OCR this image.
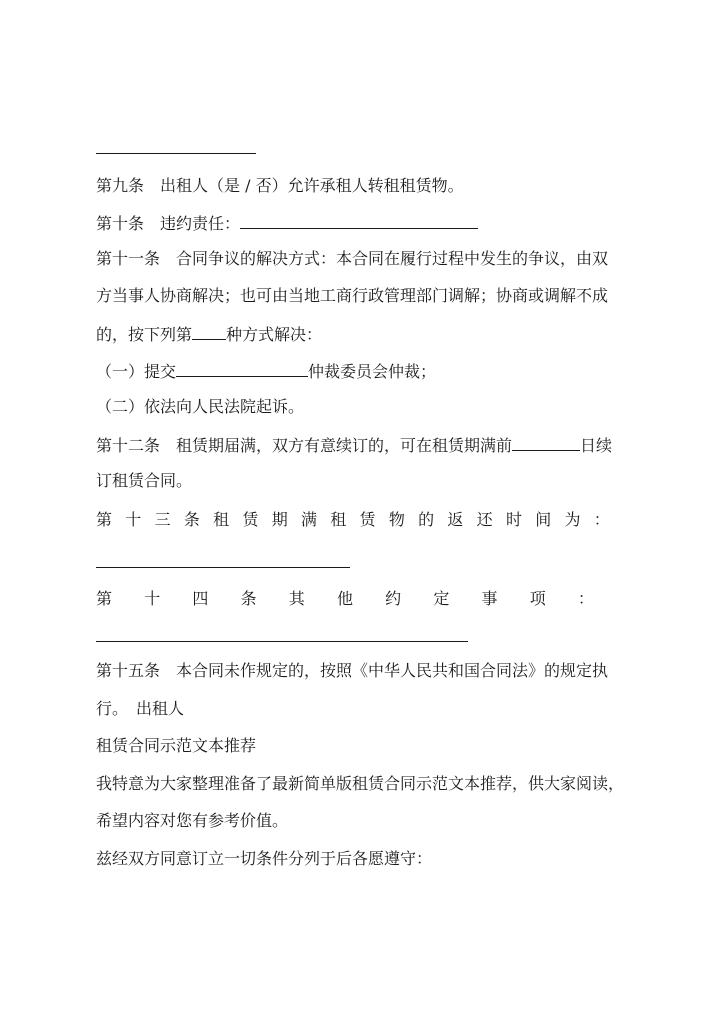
第九条　出租人（是 / 否）允许承租人转租租赁物。
第十条　违约责任：
第十一条　合同争议的解决方式：本合同在履行过程中发生的争议，由双
方当事人协商解决；也可由当地工商行政管理部门调解；协商或调解不成
的，按下列第 种方式解决：
（一）提交	仲裁委员会仲裁；
（二）依法向人民法院起诉。
第十二条　租赁期届满，双方有意续订的，可在租赁期满前	日续
订租赁合同。
第 十 三 条 租 赁 期 满 租 赁 物 的 返 还 时 间 为 ：
第 十 四 条 其 他 约 定 事 项 ：
第十五条　本合同未作规定的，按照《中华人民共和国合同法》的规定执
行。　出租人
租赁合同示范文本推荐
我特意为大家整理准备了最新简单版租赁合同示范文本推荐，供大家阅读，
希望内容对您有参考价值。
兹经双方同意订立一切条件分列于后各愿遵守：
